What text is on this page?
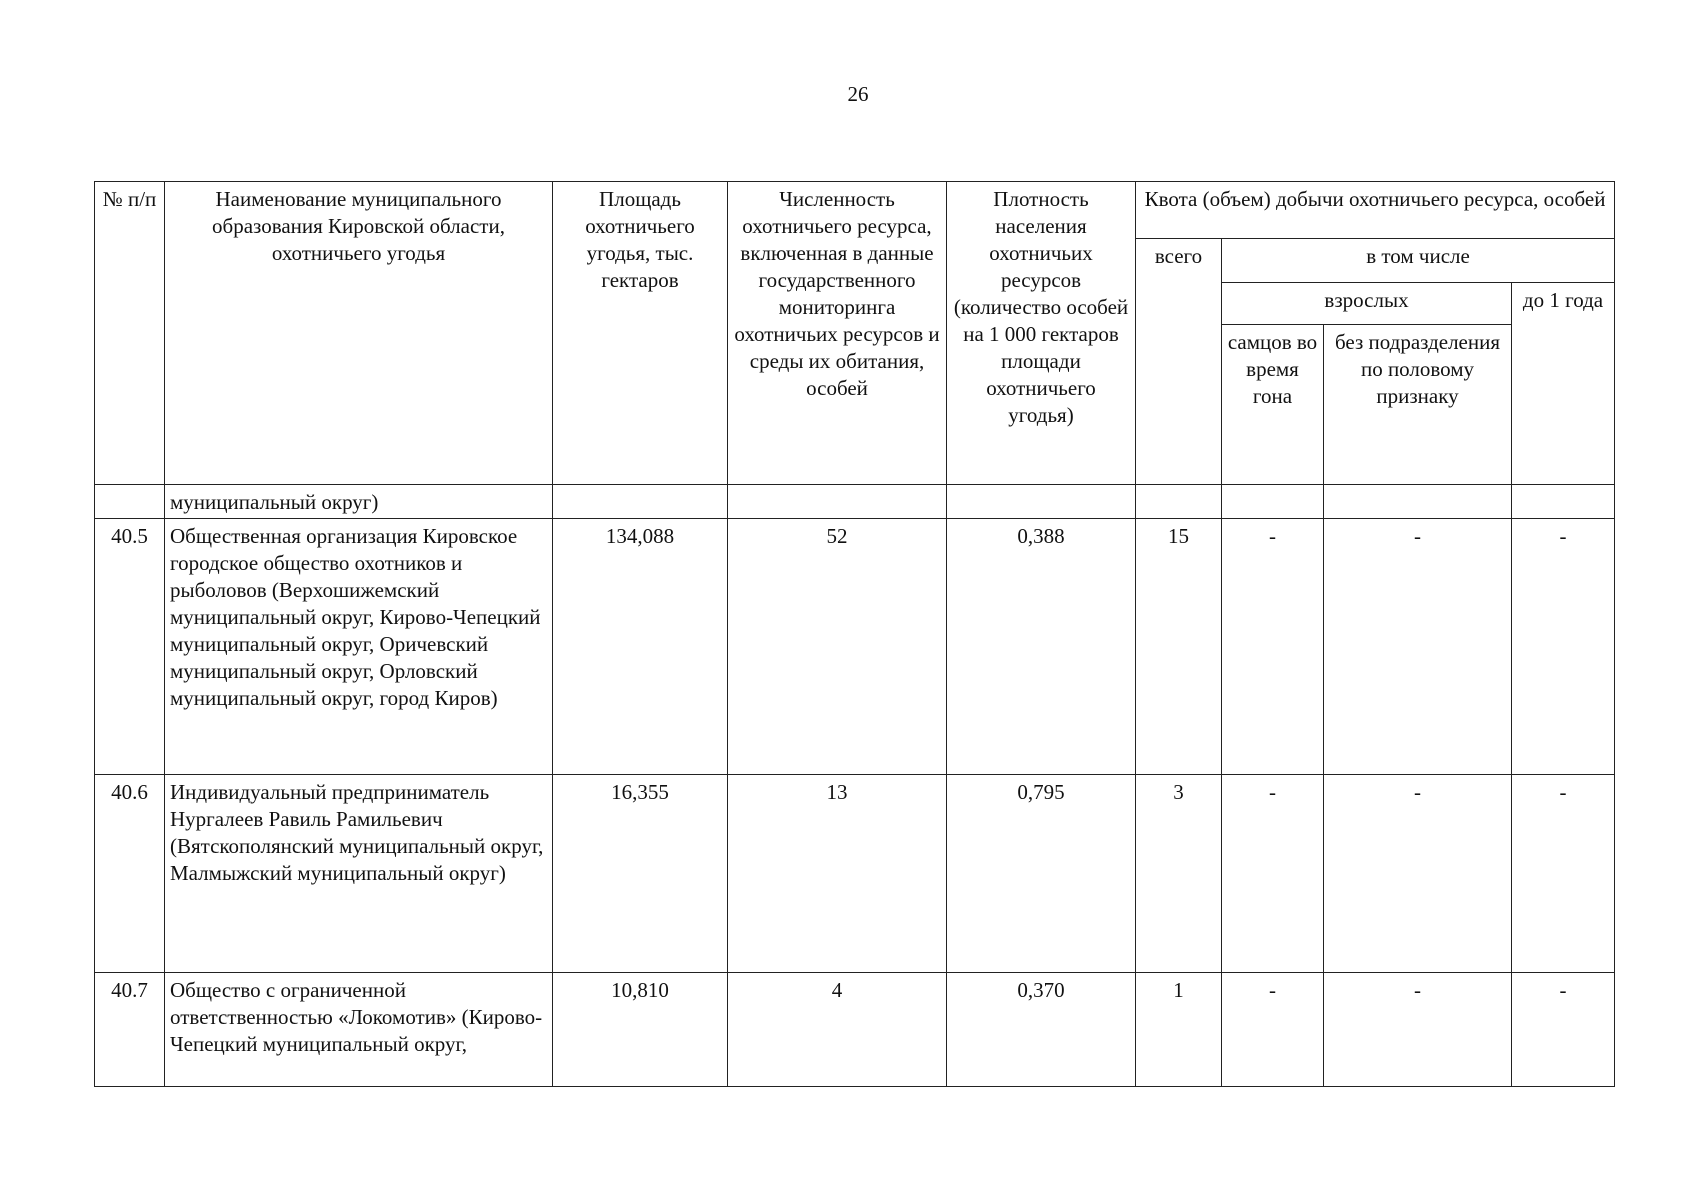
26
№ п/п	Наименование муниципального образования Кировской области, охотничьего угодья	Площадь охотничьего угодья, тыс. гектаров	Численность охотничьего ресурса, включенная в данные государственного мониторинга охотничьих ресурсов и среды их обитания, особей	Плотность населения охотничьих ресурсов (количество особей на 1 000 гектаров площади охотничьего угодья)	Квота (объем) добычи охотничьего ресурса, особей			
					всего	в том числе		
						взрослых		до 1 года
						самцов во время гона	без подразделения по половому признаку	
	муниципальный округ)							
40.5	Общественная организация Кировское городское общество охотников и рыболовов (Верхошижемский муниципальный округ, Кирово-Чепецкий муниципальный округ, Оричевский муниципальный округ, Орловский муниципальный округ, город Киров)	134,088	52	0,388	15	-	-	-
40.6	Индивидуальный предприниматель Нургалеев Равиль Рамильевич (Вятскополянский муниципальный округ, Малмыжский муниципальный округ)	16,355	13	0,795	3	-	-	-
40.7	Общество с ограниченной ответственностью «Локомотив» (Кирово-Чепецкий муниципальный округ,	10,810	4	0,370	1	-	-	-
